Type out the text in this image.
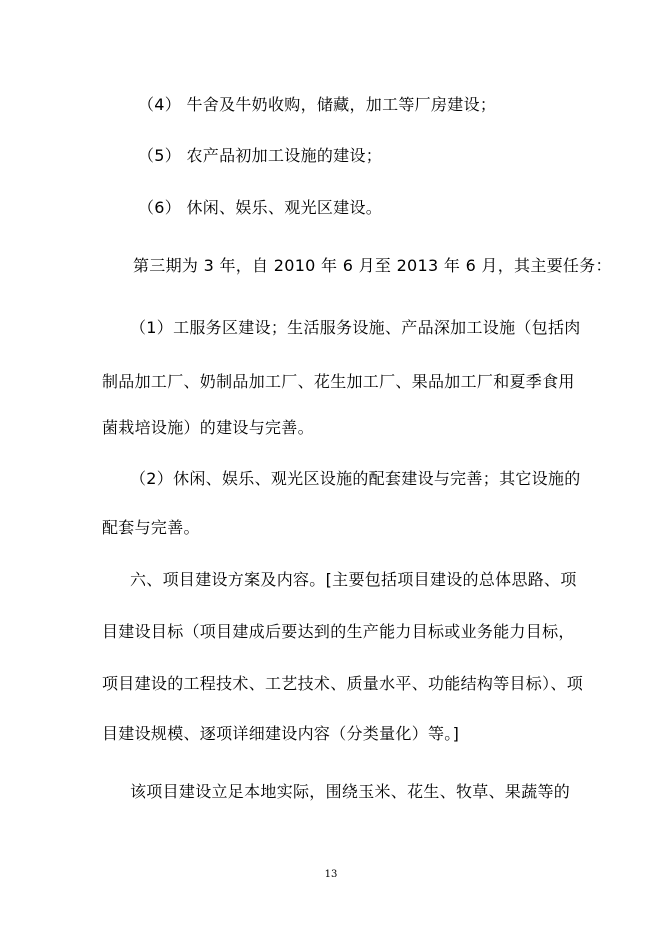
（4） 牛舍及牛奶收购，储藏，加工等厂房建设；
（5） 农产品初加工设施的建设；
（6） 休闲、娱乐、观光区建设。
第三期为 3 年，自 2010 年 6 月至 2013 年 6 月，其主要任务：
（1）工服务区建设；生活服务设施、产品深加工设施（包括肉
制品加工厂、奶制品加工厂、花生加工厂、果品加工厂和夏季食用
菌栽培设施）的建设与完善。
（2）休闲、娱乐、观光区设施的配套建设与完善；其它设施的
配套与完善。
六、项目建设方案及内容。[主要包括项目建设的总体思路、项
目建设目标（项目建成后要达到的生产能力目标或业务能力目标，
项目建设的工程技术、工艺技术、质量水平、功能结构等目标）、项
目建设规模、逐项详细建设内容（分类量化）等。]
该项目建设立足本地实际，围绕玉米、花生、牧草、果蔬等的
13
